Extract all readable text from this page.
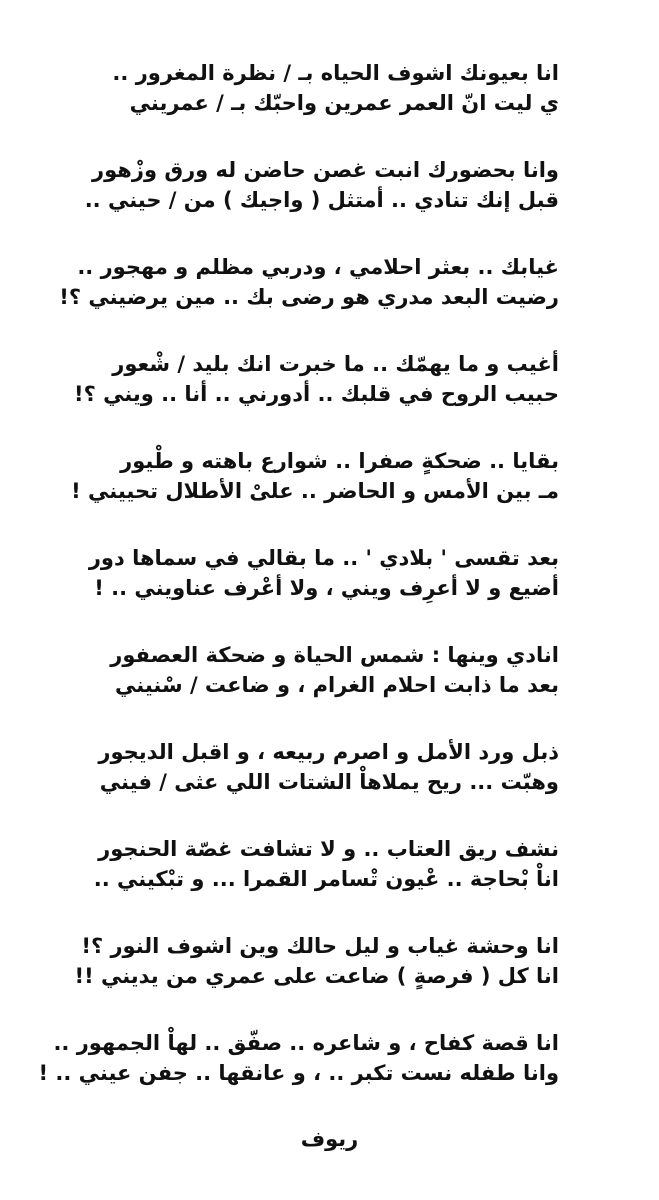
انا بعيونك اشوف الحياه بـ / نظرة المغرور ..
ي ليت انّ العمر عمرين واحبّك بـ / عمريني
وانا بحضورك انبت غصن حاضن له ورق وزْهور
قبل إنك تنادي .. أمتثل ( واجيك ) من / حيني ..
غيابك .. بعثر احلامي ، ودربي مظلم و مهجور ..
رضيت البعد مدري هو رضى بك .. مين يرضيني ؟!
أغيب و ما يهمّك .. ما خبرت انك بليد / شْعور
حبيب الروح في قلبك .. أدورني .. أنا .. ويني ؟!
بقايا .. ضحكةٍ صفرا .. شوارع باهته و طْيور
مـ بين الأمس و الحاضر .. علىْ الأطلال تحييني !
بعد تقسى ' بلادي ' .. ما بقالي في سماها دور
أضيع و لا أعرِف ويني ، ولا أعْرف عناويني .. !
انادي وينها : شمس الحياة و ضحكة العصفور
بعد ما ذابت احلام الغرام ، و ضاعت / سْنيني
ذبل ورد الأمل و اصرم ربيعه ، و اقبل الديجور
وهبّت ... ريح يملاهاْ الشتات اللي عثى / فيني
نشف ريق العتاب .. و لا تشافت غصّة الحنجور
اناْ بْحاجة .. عْيون تْسامر القمرا ... و تبْكيني ..
انا وحشة غياب و ليل حالك وين اشوف النور ؟!
انا كل ( فرصةٍ ) ضاعت على عمري من يديني !!
انا قصة كفاح ، و شاعره .. صفّق .. لهاْ الجمهور ..
وانا طفله نست تكبر .. ، و عانقها .. جفن عيني .. !
ريوف
